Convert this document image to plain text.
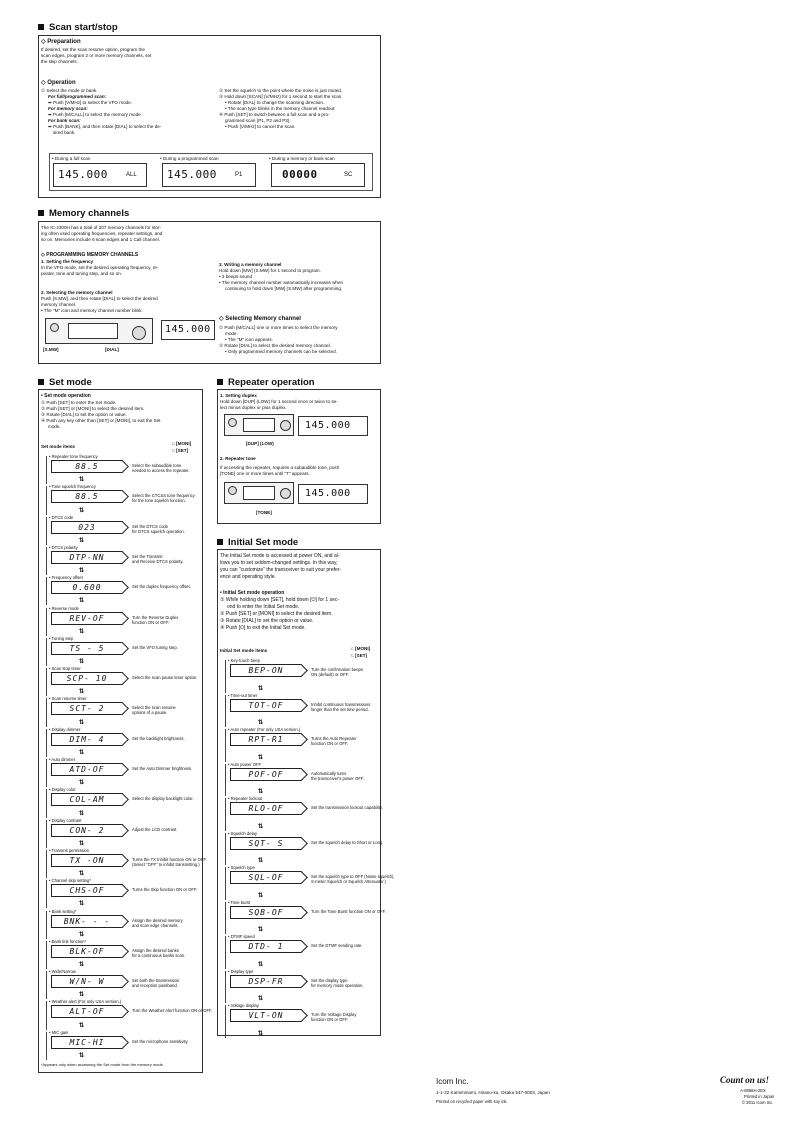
Scan start/stop
◇ Preparation
If desired, set the scan resume option, program the
scan edges, program 2 or more memory channels, set
the skip channels.
◇ Operation
① Select the mode or bank.
For full/programmed scan:
➥ Push [V/MHz] to select the VFO mode.
For memory scan:
➥ Push [M/CALL] to select the memory mode.
For bank scan:
➥ Push [BANK], and then rotate [DIAL] to select the de-
sired bank.
② Set the squelch to the point where the noise is just muted.
③ Hold down [SCAN] (V/MHz) for 1 second to start the scan.
• Rotate [DIAL] to change the scanning direction.
• The scan type blinks in the memory channel readout:
④ Push [SET] to switch between a full scan and a pro-
grammed scan (P1, P2 and P3).
• Push [V/MHz] to cancel the scan.
• During a full scan
145.000	ALL
• During a programmed scan
145.000	P1
• During a memory or bank scan
00000	SC
Memory channels
The IC-2300H has a total of 207 memory channels for stor-
ing often used operating frequencies, repeater settings, and
so on. Memories include 6 scan edges and 1 Call channel.
◇ PROGRAMMING MEMORY CHANNELS
1. Setting the frequency
In the VFO mode, set the desired operating frequency, re-
peater, tone and tuning step, and so on.
2. Selecting the memory channel
Push [S.MW], and then rotate [DIAL] to select the desired
memory channel.
• The "M" icon and memory channel number blink.
[S.MW]	[DIAL]
145.000
3. Writing a memory channel
Hold down [MW] (S.MW) for 1 second to program.
• 3 beeps sound
• The memory channel number automatically increases when
continuing to hold down [MW] (S.MW) after programming.
◇ Selecting Memory channel
① Push [M/CALL] one or more times to select the memory
mode.
• The "M" icon appears.
② Rotate [DIAL] to select the desired memory channel.
• Only programmed memory channels can be selected.
Set mode
• Set mode operation
① Push [SET] to enter the Set mode.
② Push [SET] or [MONI] to select the desired item.
③ Rotate [DIAL] to set the option or value.
④ Push any key other than [SET] or [MONI], to exit the Set
mode.
Set mode items
↓: [MONI]
↑: [SET]
• Repeater tone frequency
88.5	Select the subaudible tone
needed to access the repeater.
⇅
• Tone squelch frequency
88.5	Select the CTCSS tone frequency
for the tone squelch function.
⇅
• DTCS code
023	Set the DTCS code
for DTCS squelch operation.
⇅
• DTCS polarity
DTP-NN	Set the Transmit
and Receive DTCS polarity.
⇅
• Frequency offset
0.600	Set the duplex frequency offset.
⇅
• Reverse mode
REV-OF	Turn the Reverse Duplex
function ON or OFF.
⇅
• Tuning step
TS - 5	Set the VFO tuning step.
⇅
• Scan stop timer
SCP- 10	Select the scan pause timer option.
⇅
• Scan resume timer
SCT- 2	Select the scan resume
options of a pause.
⇅
• Display dimmer
DIM- 4	Set the backlight brightness.
⇅
• Auto dimmer
ATD-OF	Set the Auto Dimmer brightness.
⇅
• Display color
COL-AM	Select the display backlight color.
⇅
• Display contrast
CON- 2	Adjust the LCD contrast.
⇅
• Transmit permission
TX -ON	Turns the TX Inhibit function ON or OFF.
(Select "OFF" to inhibit transmitting.)
⇅
• Channel skip setting*
CHS-OF	Turns the Skip function ON or OFF.
⇅
• Bank setting*
BNK- - -	Assign the desired memory
and scan edge channels.
⇅
• Bank link function*
BLK-OF	Assign the desired banks
for a continuous banks scan.
⇅
• Wide/Narrow
W/N- W	Set both the transmission
and reception passband.
⇅
• Weather alert (For only USA version.)
ALT-OF	Turn the Weather Alert function ON or OFF.
⇅
• MIC gain
MIC-HI	Set the microphone sensitivity.
⇅
*Appears only when accessing the Set mode from the memory mode.
Repeater operation
1. Setting duplex
Hold down [DUP] (LOW) for 1 second once or twice to se-
lect minus duplex or plus duplex.
[DUP] (LOW)
145.000
2. Repeater tone
If accessing the repeater, requires a subaudible tone, push
[TONE] one or more times until "T" appears.
[TONE]
145.000
Initial Set mode
The Initial Set mode is accessed at power ON, and al-
lows you to set seldom-changed settings. In this way,
you can "customize" the transceiver to suit your prefer-
ence and operating style.
• Initial Set mode operation
① While holding down [SET], hold down [⏻] for 1 sec-
ond to enter the Initial Set mode.
② Push [SET] or [MONI] to select the desired item.
③ Rotate [DIAL] to set the option or value.
④ Push [⏻] to exit the Initial Set mode.
Initial Set mode items	↓: [MONI]
↑: [SET]
• Key-touch beep
BEP-ON	Turn the confirmation beeps
ON (default) or OFF.
⇅
• Time-out timer
TOT-OF	Inhibit continuous transmissions
longer than the set time period.
⇅
• Auto repeater (For only USA version.)
RPT-R1	Turns the Auto Repeater
function ON or OFF.
⇅
• Auto power OFF
POF-OF	Automatically turns
the transceiver's power OFF.
⇅
• Repeater lockout
RLO-OF	Set the transmission lockout capability.
⇅
• Squelch delay
SQT- S	Set the squelch delay to Short or Long.
⇅
• Squelch type
SQL-OF	Set the squelch type to OFF (Noise squelch),
S-meter Squelch or Squelch Attenuator.)
⇅
• Tone burst
SQB-OF	Turn the Tone Burst function ON or OFF.
⇅
• DTMF speed
DTD- 1	Set the DTMF sending rate.
⇅
• Display type
DSP-FR	Set the display type
for memory mode operation.
⇅
• Voltage display
VLT-ON	Turn the Voltage Display
function ON or OFF.
⇅
Icom Inc.
1-1-32 Kamiminami, Hirano-ku, Osaka 547-0003, Japan
Printed on recycled paper with soy ink.
Count on us!
A-6858H-2EX
Printed in Japan
© 2011 Icom Inc.
